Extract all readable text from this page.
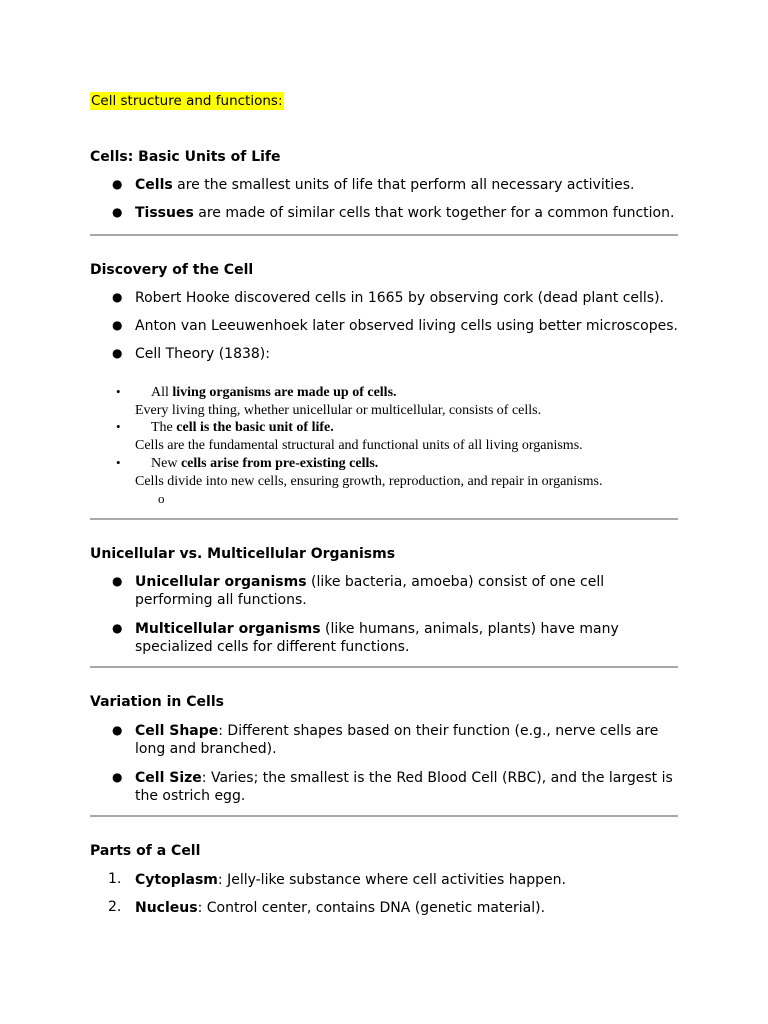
Cell structure and functions:
Cells: Basic Units of Life
● Cells are the smallest units of life that perform all necessary activities.
● Tissues are made of similar cells that work together for a common function.
Discovery of the Cell
● Robert Hooke discovered cells in 1665 by observing cork (dead plant cells).
● Anton van Leeuwenhoek later observed living cells using better microscopes.
● Cell Theory (1838):
• All living organisms are made up of cells.
Every living thing, whether unicellular or multicellular, consists of cells.
• The cell is the basic unit of life.
Cells are the fundamental structural and functional units of all living organisms.
• New cells arise from pre-existing cells.
Cells divide into new cells, ensuring growth, reproduction, and repair in organisms.
o
Unicellular vs. Multicellular Organisms
● Unicellular organisms (like bacteria, amoeba) consist of one cell performing all functions.
● Multicellular organisms (like humans, animals, plants) have many specialized cells for different functions.
Variation in Cells
● Cell Shape: Different shapes based on their function (e.g., nerve cells are long and branched).
● Cell Size: Varies; the smallest is the Red Blood Cell (RBC), and the largest is the ostrich egg.
Parts of a Cell
1. Cytoplasm: Jelly-like substance where cell activities happen.
2. Nucleus: Control center, contains DNA (genetic material).
